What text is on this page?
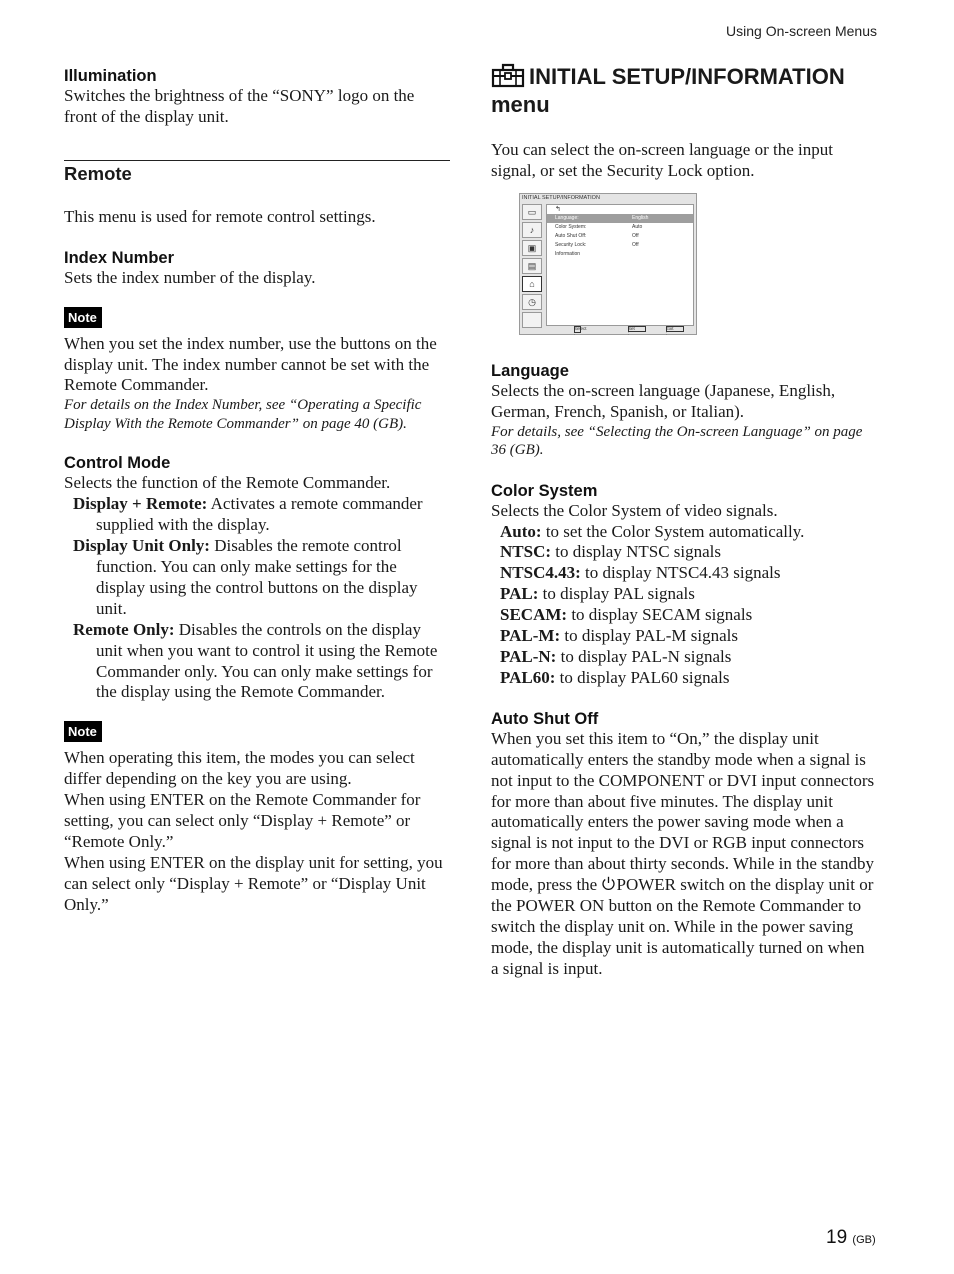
Using On-screen Menus
Illumination

Switches the brightness of the “SONY” logo on the front of the display unit.

Remote

This menu is used for remote control settings.

Index Number

Sets the index number of the display.

Note

When you set the index number, use the buttons on the display unit. The index number cannot be set with the Remote Commander.

For details on the Index Number, see “Operating a Specific Display With the Remote Commander” on page 40 (GB).

Control Mode

Selects the function of the Remote Commander.

Display + Remote: Activates a remote commander supplied with the display.

Display Unit Only: Disables the remote control function. You can only make settings for the display using the control buttons on the display unit.

Remote Only: Disables the controls on the display unit when you want to control it using the Remote Commander only. You can only make settings for the display using the Remote Commander.

Note

When operating this item, the modes you can select differ depending on the key you are using.

When using ENTER on the Remote Commander for setting, you can select only “Display + Remote” or “Remote Only.”

When using ENTER on the display unit for setting, you can select only “Display + Remote” or “Display Unit Only.”

INITIAL SETUP/INFORMATION
menu

You can select the on-screen language or the input signal, or set the Security Lock option.

INITIAL SETUP/INFORMATION
▭
♪
▣
▤
⌂
◷
↰
Language:	English
Color System:	Auto
Auto Shut Off:	Off
Security Lock:	Off
Information
Select :
Set :
Exit :
Language

Selects the on-screen language (Japanese, English, German, French, Spanish, or Italian).

For details, see “Selecting the On-screen Language” on page 36 (GB).

Color System

Selects the Color System of video signals.

Auto: to set the Color System automatically.

NTSC: to display NTSC signals

NTSC4.43: to display NTSC4.43 signals

PAL: to display PAL signals

SECAM: to display SECAM signals

PAL-M: to display PAL-M signals

PAL-N: to display PAL-N signals

PAL60: to display PAL60 signals

Auto Shut Off

When you set this item to “On,” the display unit automatically enters the standby mode when a signal is not input to the COMPONENT or DVI input connectors for more than about five minutes. The display unit automatically enters the power saving mode when a signal is not input to the DVI or RGB input connectors for more than about thirty seconds. While in the standby mode, press the POWER switch on the display unit or the POWER ON button on the Remote Commander to switch the display unit on. While in the power saving mode, the display unit is automatically turned on when a signal is input.

19 (GB)
